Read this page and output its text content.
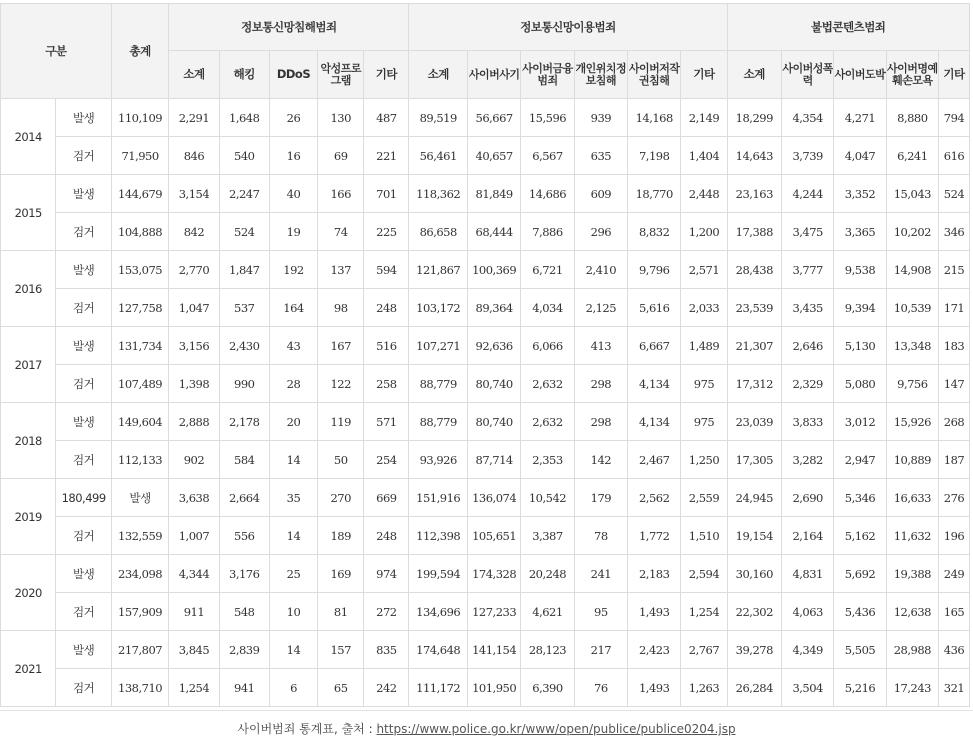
구분		총계	정보통신망침해범죄					정보통신망이용범죄						불법콘텐츠범죄				
			소계	해킹	DDoS	악성프로그램	기타	소계	사이버사기	사이버금융범죄	개인위치정보침해	사이버저작권침해	기타	소계	사이버성폭력	사이버도박	사이버명예훼손모욕	기타
2014	발생	110,109	2,291	1,648	26	130	487	89,519	56,667	15,596	939	14,168	2,149	18,299	4,354	4,271	8,880	794
	검거	71,950	846	540	16	69	221	56,461	40,657	6,567	635	7,198	1,404	14,643	3,739	4,047	6,241	616
2015	발생	144,679	3,154	2,247	40	166	701	118,362	81,849	14,686	609	18,770	2,448	23,163	4,244	3,352	15,043	524
	검거	104,888	842	524	19	74	225	86,658	68,444	7,886	296	8,832	1,200	17,388	3,475	3,365	10,202	346
2016	발생	153,075	2,770	1,847	192	137	594	121,867	100,369	6,721	2,410	9,796	2,571	28,438	3,777	9,538	14,908	215
	검거	127,758	1,047	537	164	98	248	103,172	89,364	4,034	2,125	5,616	2,033	23,539	3,435	9,394	10,539	171
2017	발생	131,734	3,156	2,430	43	167	516	107,271	92,636	6,066	413	6,667	1,489	21,307	2,646	5,130	13,348	183
	검거	107,489	1,398	990	28	122	258	88,779	80,740	2,632	298	4,134	975	17,312	2,329	5,080	9,756	147
2018	발생	149,604	2,888	2,178	20	119	571	88,779	80,740	2,632	298	4,134	975	23,039	3,833	3,012	15,926	268
	검거	112,133	902	584	14	50	254	93,926	87,714	2,353	142	2,467	1,250	17,305	3,282	2,947	10,889	187
2019	180,499	발생	3,638	2,664	35	270	669	151,916	136,074	10,542	179	2,562	2,559	24,945	2,690	5,346	16,633	276
	검거	132,559	1,007	556	14	189	248	112,398	105,651	3,387	78	1,772	1,510	19,154	2,164	5,162	11,632	196
2020	발생	234,098	4,344	3,176	25	169	974	199,594	174,328	20,248	241	2,183	2,594	30,160	4,831	5,692	19,388	249
	검거	157,909	911	548	10	81	272	134,696	127,233	4,621	95	1,493	1,254	22,302	4,063	5,436	12,638	165
2021	발생	217,807	3,845	2,839	14	157	835	174,648	141,154	28,123	217	2,423	2,767	39,278	4,349	5,505	28,988	436
	검거	138,710	1,254	941	6	65	242	111,172	101,950	6,390	76	1,493	1,263	26,284	3,504	5,216	17,243	321
사이버범죄 통계표, 출처 : https://www.police.go.kr/www/open/publice/publice0204.jsp
